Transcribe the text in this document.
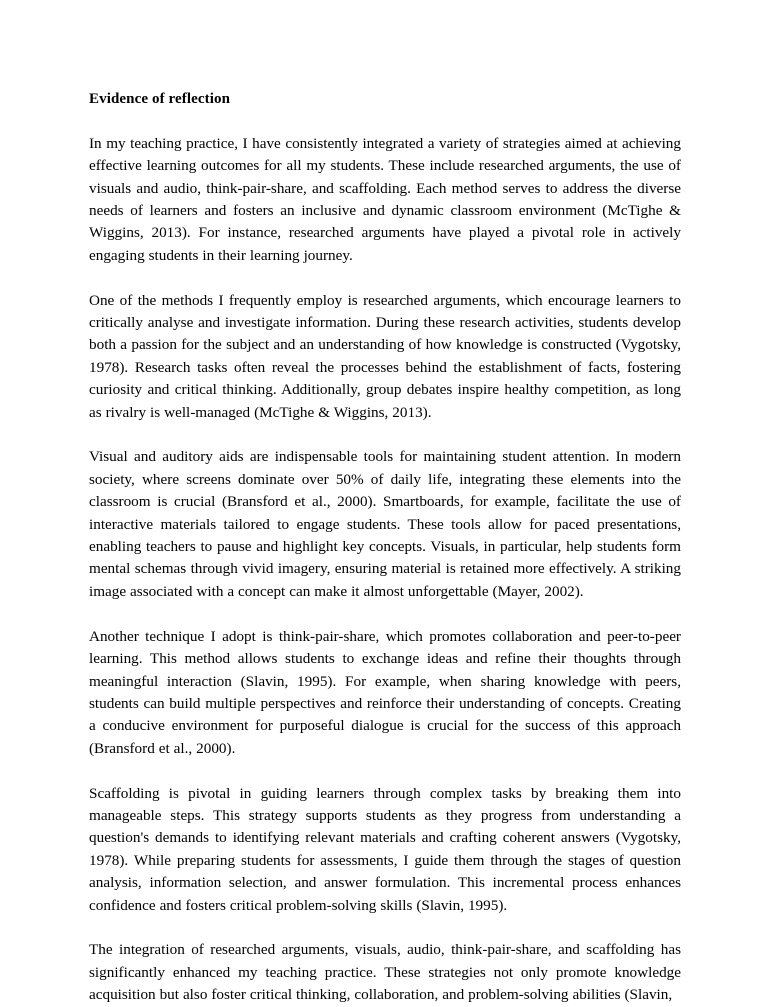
Evidence of reflection

In my teaching practice, I have consistently integrated a variety of strategies aimed at achieving effective learning outcomes for all my students. These include researched arguments, the use of visuals and audio, think-pair-share, and scaffolding. Each method serves to address the diverse needs of learners and fosters an inclusive and dynamic classroom environment (McTighe & Wiggins, 2013). For instance, researched arguments have played a pivotal role in actively engaging students in their learning journey.

One of the methods I frequently employ is researched arguments, which encourage learners to critically analyse and investigate information. During these research activities, students develop both a passion for the subject and an understanding of how knowledge is constructed (Vygotsky, 1978). Research tasks often reveal the processes behind the establishment of facts, fostering curiosity and critical thinking. Additionally, group debates inspire healthy competition, as long as rivalry is well-managed (McTighe & Wiggins, 2013).

Visual and auditory aids are indispensable tools for maintaining student attention. In modern society, where screens dominate over 50% of daily life, integrating these elements into the classroom is crucial (Bransford et al., 2000). Smartboards, for example, facilitate the use of interactive materials tailored to engage students. These tools allow for paced presentations, enabling teachers to pause and highlight key concepts. Visuals, in particular, help students form mental schemas through vivid imagery, ensuring material is retained more effectively. A striking image associated with a concept can make it almost unforgettable (Mayer, 2002).

Another technique I adopt is think-pair-share, which promotes collaboration and peer-to-peer learning. This method allows students to exchange ideas and refine their thoughts through meaningful interaction (Slavin, 1995). For example, when sharing knowledge with peers, students can build multiple perspectives and reinforce their understanding of concepts. Creating a conducive environment for purposeful dialogue is crucial for the success of this approach (Bransford et al., 2000).

Scaffolding is pivotal in guiding learners through complex tasks by breaking them into manageable steps. This strategy supports students as they progress from understanding a question's demands to identifying relevant materials and crafting coherent answers (Vygotsky, 1978). While preparing students for assessments, I guide them through the stages of question analysis, information selection, and answer formulation. This incremental process enhances confidence and fosters critical problem-solving skills (Slavin, 1995).

The integration of researched arguments, visuals, audio, think-pair-share, and scaffolding has significantly enhanced my teaching practice. These strategies not only promote knowledge acquisition but also foster critical thinking, collaboration, and problem-solving abilities (Slavin,
